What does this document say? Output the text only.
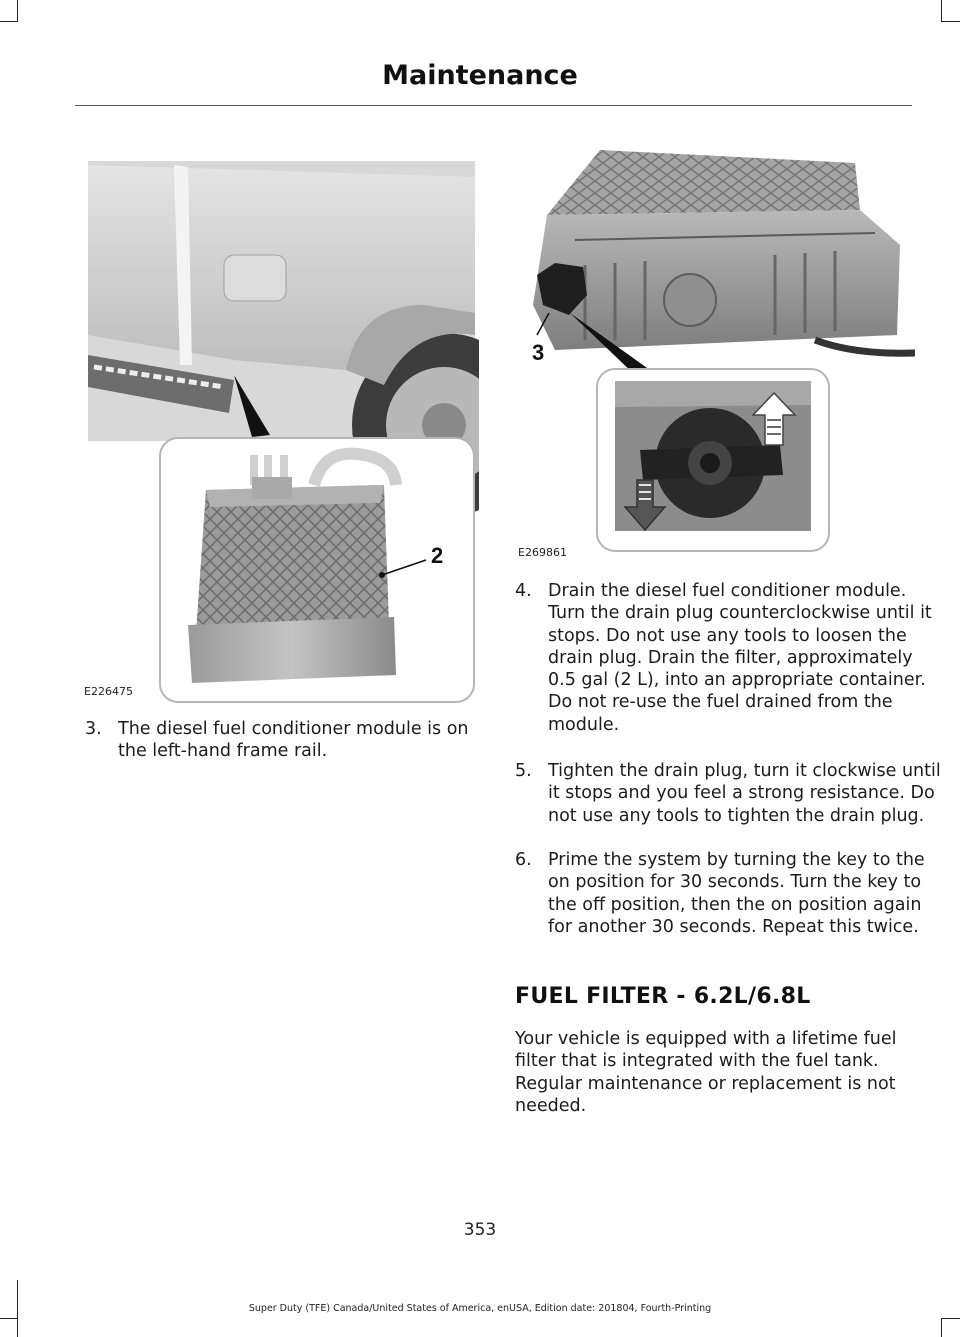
Maintenance
2
E226475
3
E269861
3. The diesel fuel conditioner module is on the left-hand frame rail.
4. Drain the diesel fuel conditioner module. Turn the drain plug counterclockwise until it stops. Do not use any tools to loosen the drain plug. Drain the filter, approximately 0.5 gal (2 L), into an appropriate container. Do not re-use the fuel drained from the module.
5. Tighten the drain plug, turn it clockwise until it stops and you feel a strong resistance. Do not use any tools to tighten the drain plug.
6. Prime the system by turning the key to the on position for 30 seconds. Turn the key to the off position, then the on position again for another 30 seconds. Repeat this twice.
FUEL FILTER - 6.2L/6.8L
Your vehicle is equipped with a lifetime fuel filter that is integrated with the fuel tank. Regular maintenance or replacement is not needed.
353
Super Duty (TFE) Canada/United States of America, enUSA, Edition date: 201804, Fourth-Printing
